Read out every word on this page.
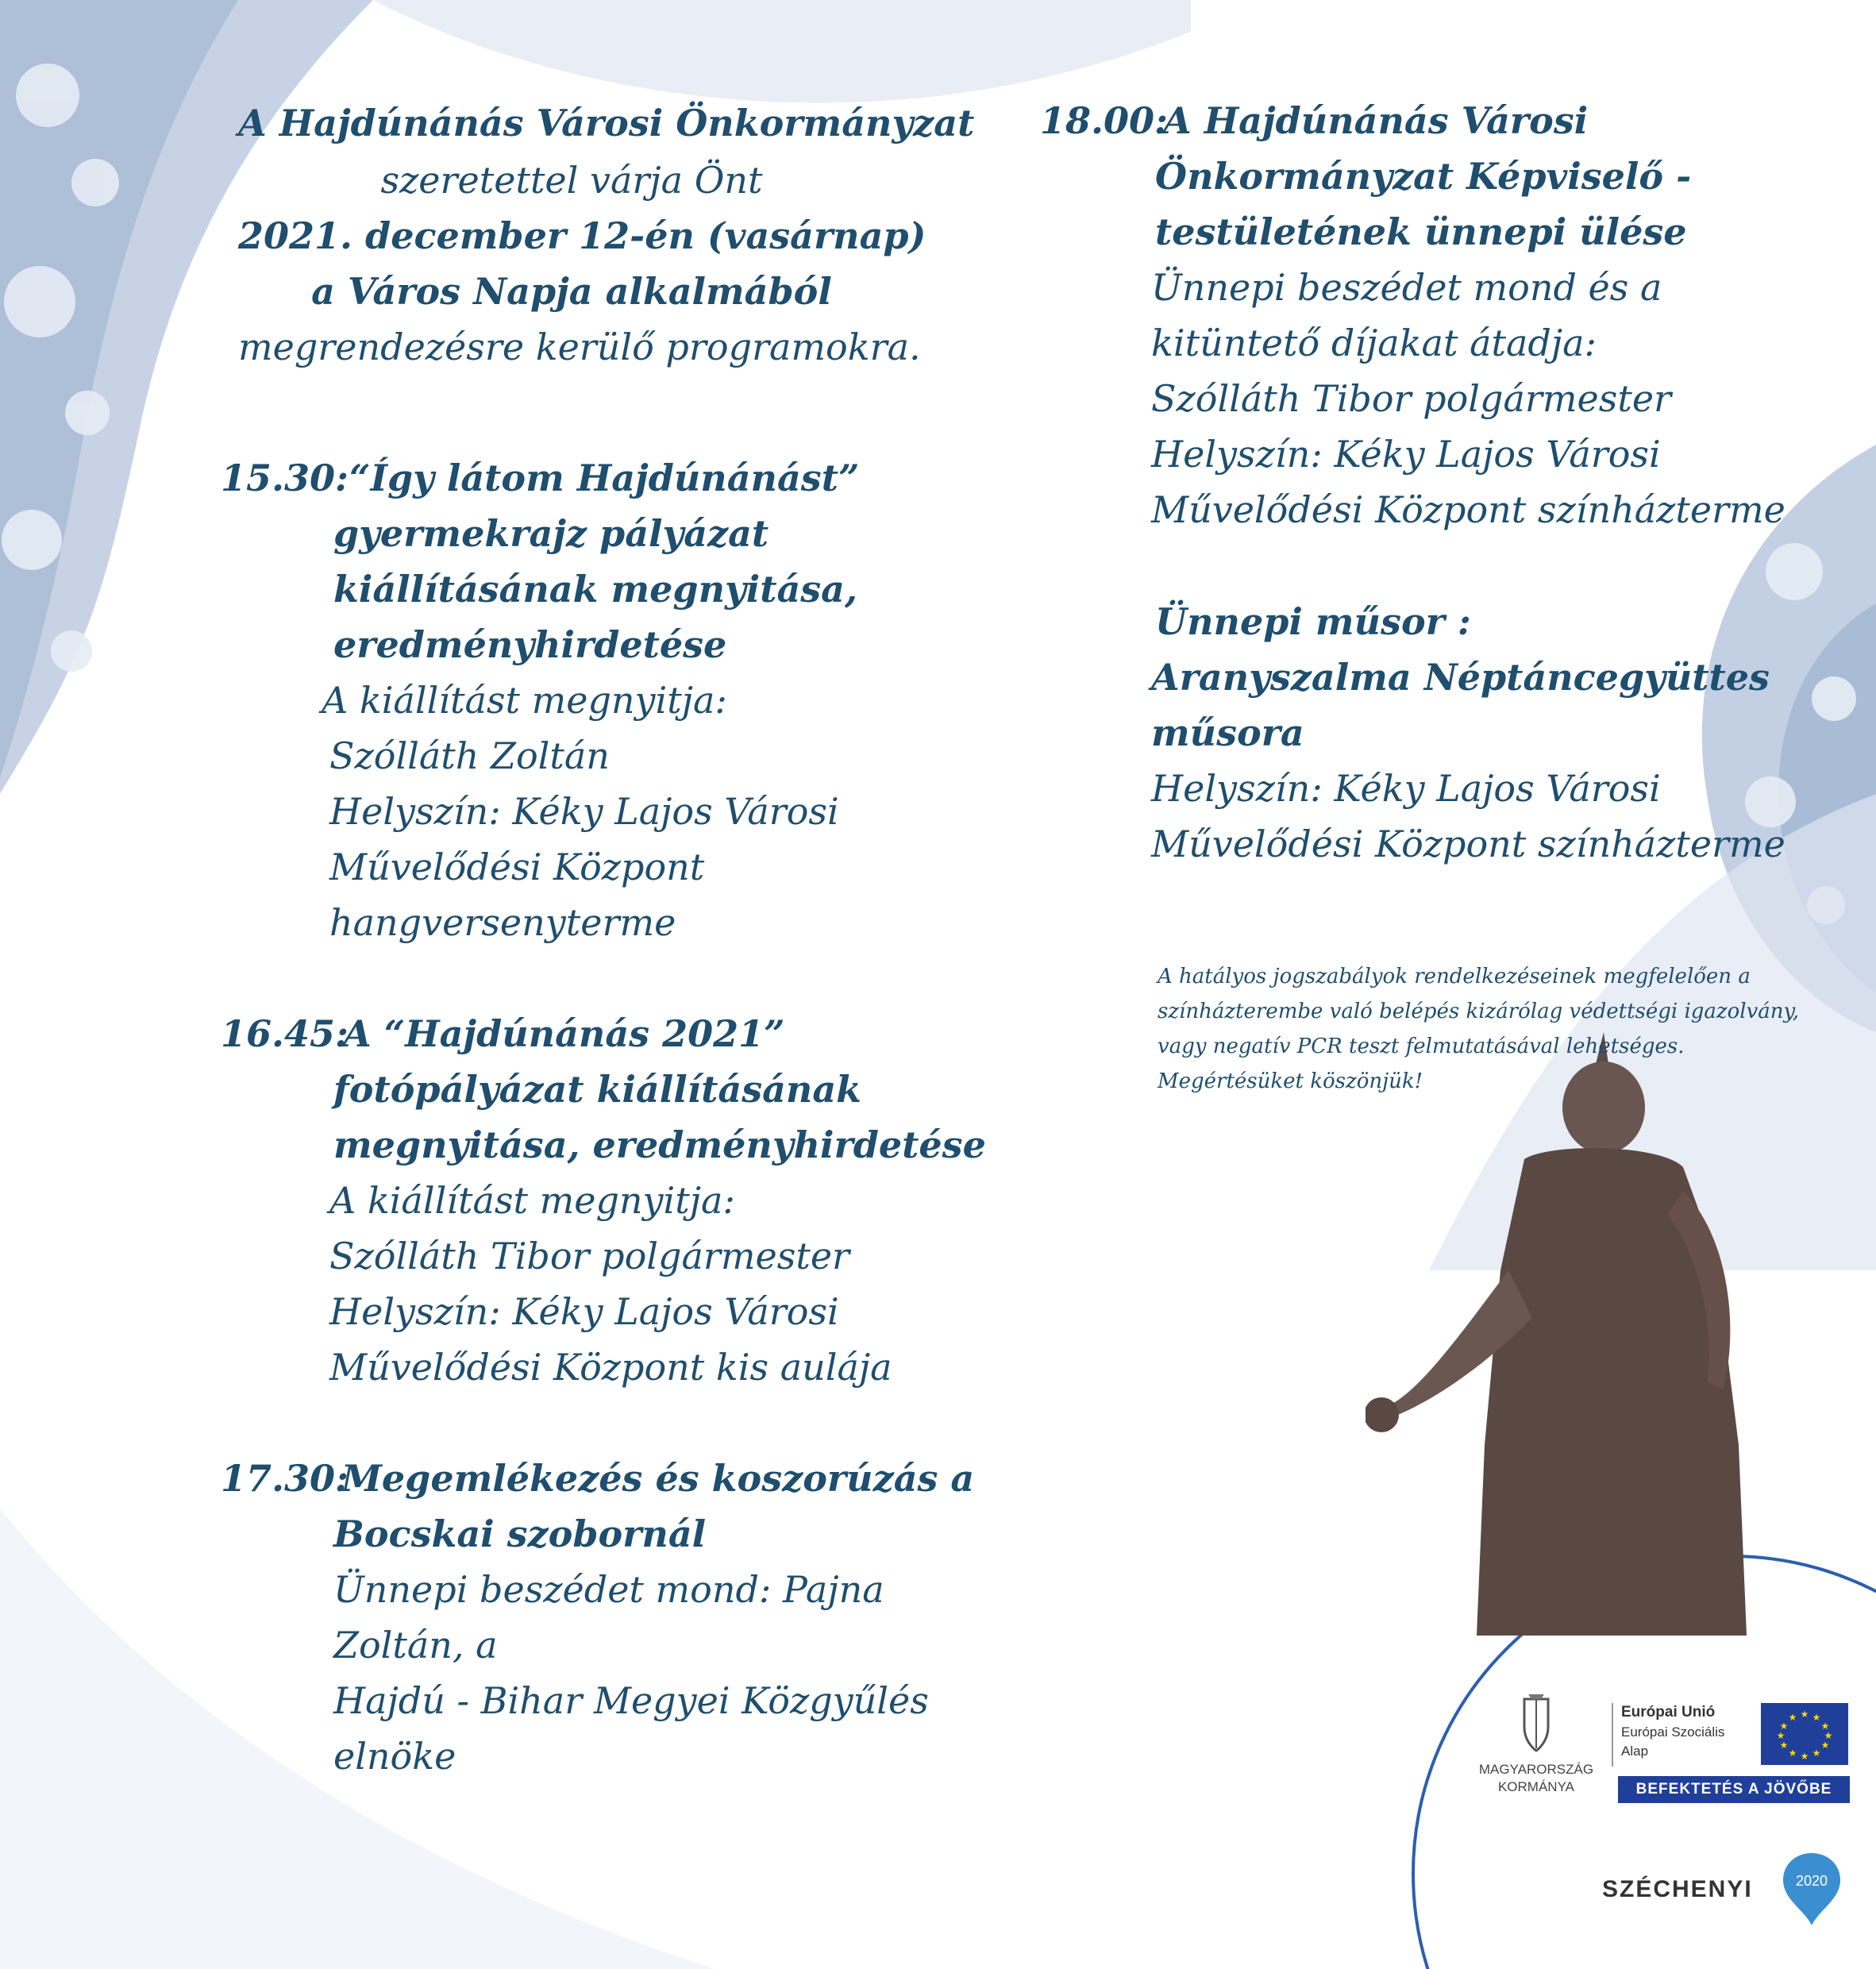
A Hajdúnánás Városi Önkormányzat
szeretettel várja Önt
2021. december 12-én (vasárnap)
a Város Napja alkalmából
megrendezésre kerülő programokra.
15.30: “Így látom Hajdúnánást”
gyermekrajz pályázat
kiállításának megnyitása,
eredményhirdetése
A kiállítást megnyitja:
Szólláth Zoltán
Helyszín: Kéky Lajos Városi
Művelődési Központ
hangversenyterme
16.45:
A “Hajdúnánás 2021”
fotópályázat kiállításának
megnyitása, eredményhirdetése
A kiállítást megnyitja:
Szólláth Tibor polgármester
Helyszín: Kéky Lajos Városi
Művelődési Központ kis aulája
17.30:
Megemlékezés és koszorúzás a
Bocskai szobornál
Ünnepi beszédet mond: Pajna
Zoltán, a
Hajdú - Bihar Megyei Közgyűlés
elnöke
18.00:
A Hajdúnánás Városi
Önkormányzat Képviselő -
testületének ünnepi ülése
Ünnepi beszédet mond és a
kitüntető díjakat átadja:
Szólláth Tibor polgármester
Helyszín: Kéky Lajos Városi
Művelődési Központ színházterme
Ünnepi műsor :
Aranyszalma Néptáncegyüttes
műsora
Helyszín: Kéky Lajos Városi
Művelődési Központ színházterme
A hatályos jogszabályok rendelkezéseinek megfelelően a
színházterembe való belépés kizárólag védettségi igazolvány,
vagy negatív PCR teszt felmutatásával lehetséges.
Megértésüket köszönjük!
MAGYARORSZÁG
KORMÁNYA
Európai Unió
Európai Szociális
Alap
★ ★
★
★
★
★
★
★
★
★
★
★
BEFEKTETÉS A JÖVŐBE
SZÉCHENYI	2020
